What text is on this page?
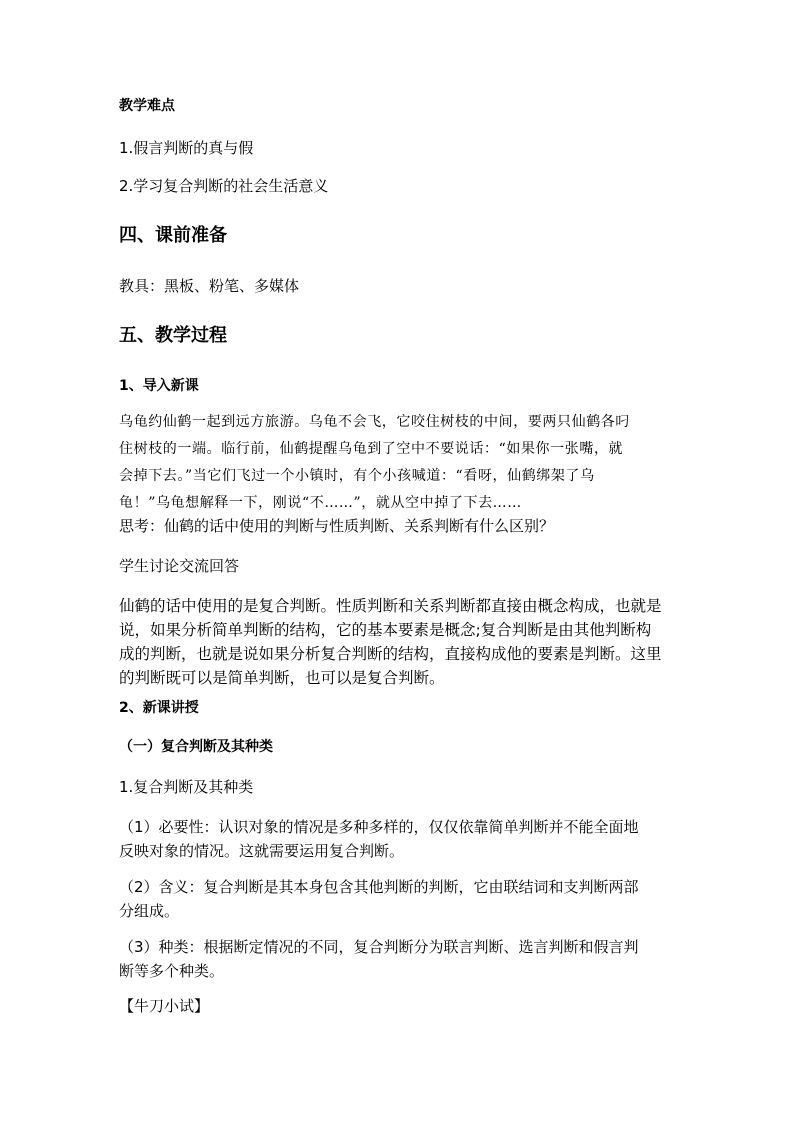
教学难点

1.假言判断的真与假

2.学习复合判断的社会生活意义

四、课前准备

教具：黑板、粉笔、多媒体

五、教学过程

1、导入新课

乌龟约仙鹤一起到远方旅游。乌龟不会飞，它咬住树枝的中间，要两只仙鹤各叼
住树枝的一端。临行前，仙鹤提醒乌龟到了空中不要说话：“如果你一张嘴，就
会掉下去。”当它们飞过一个小镇时，有个小孩喊道：“看呀，仙鹤绑架了乌
龟！”乌龟想解释一下，刚说“不……”，就从空中掉了下去……

思考：仙鹤的话中使用的判断与性质判断、关系判断有什么区别？

学生讨论交流回答

仙鹤的话中使用的是复合判断。性质判断和关系判断都直接由概念构成，也就是
说，如果分析简单判断的结构，它的基本要素是概念;复合判断是由其他判断构
成的判断，也就是说如果分析复合判断的结构，直接构成他的要素是判断。这里
的判断既可以是简单判断，也可以是复合判断。

2、新课讲授

（一）复合判断及其种类

1.复合判断及其种类

（1）必要性：认识对象的情况是多种多样的，仅仅依靠简单判断并不能全面地
反映对象的情况。这就需要运用复合判断。
（2）含义：复合判断是其本身包含其他判断的判断，它由联结词和支判断两部
分组成。
（3）种类：根据断定情况的不同，复合判断分为联言判断、选言判断和假言判
断等多个种类。

【牛刀小试】
